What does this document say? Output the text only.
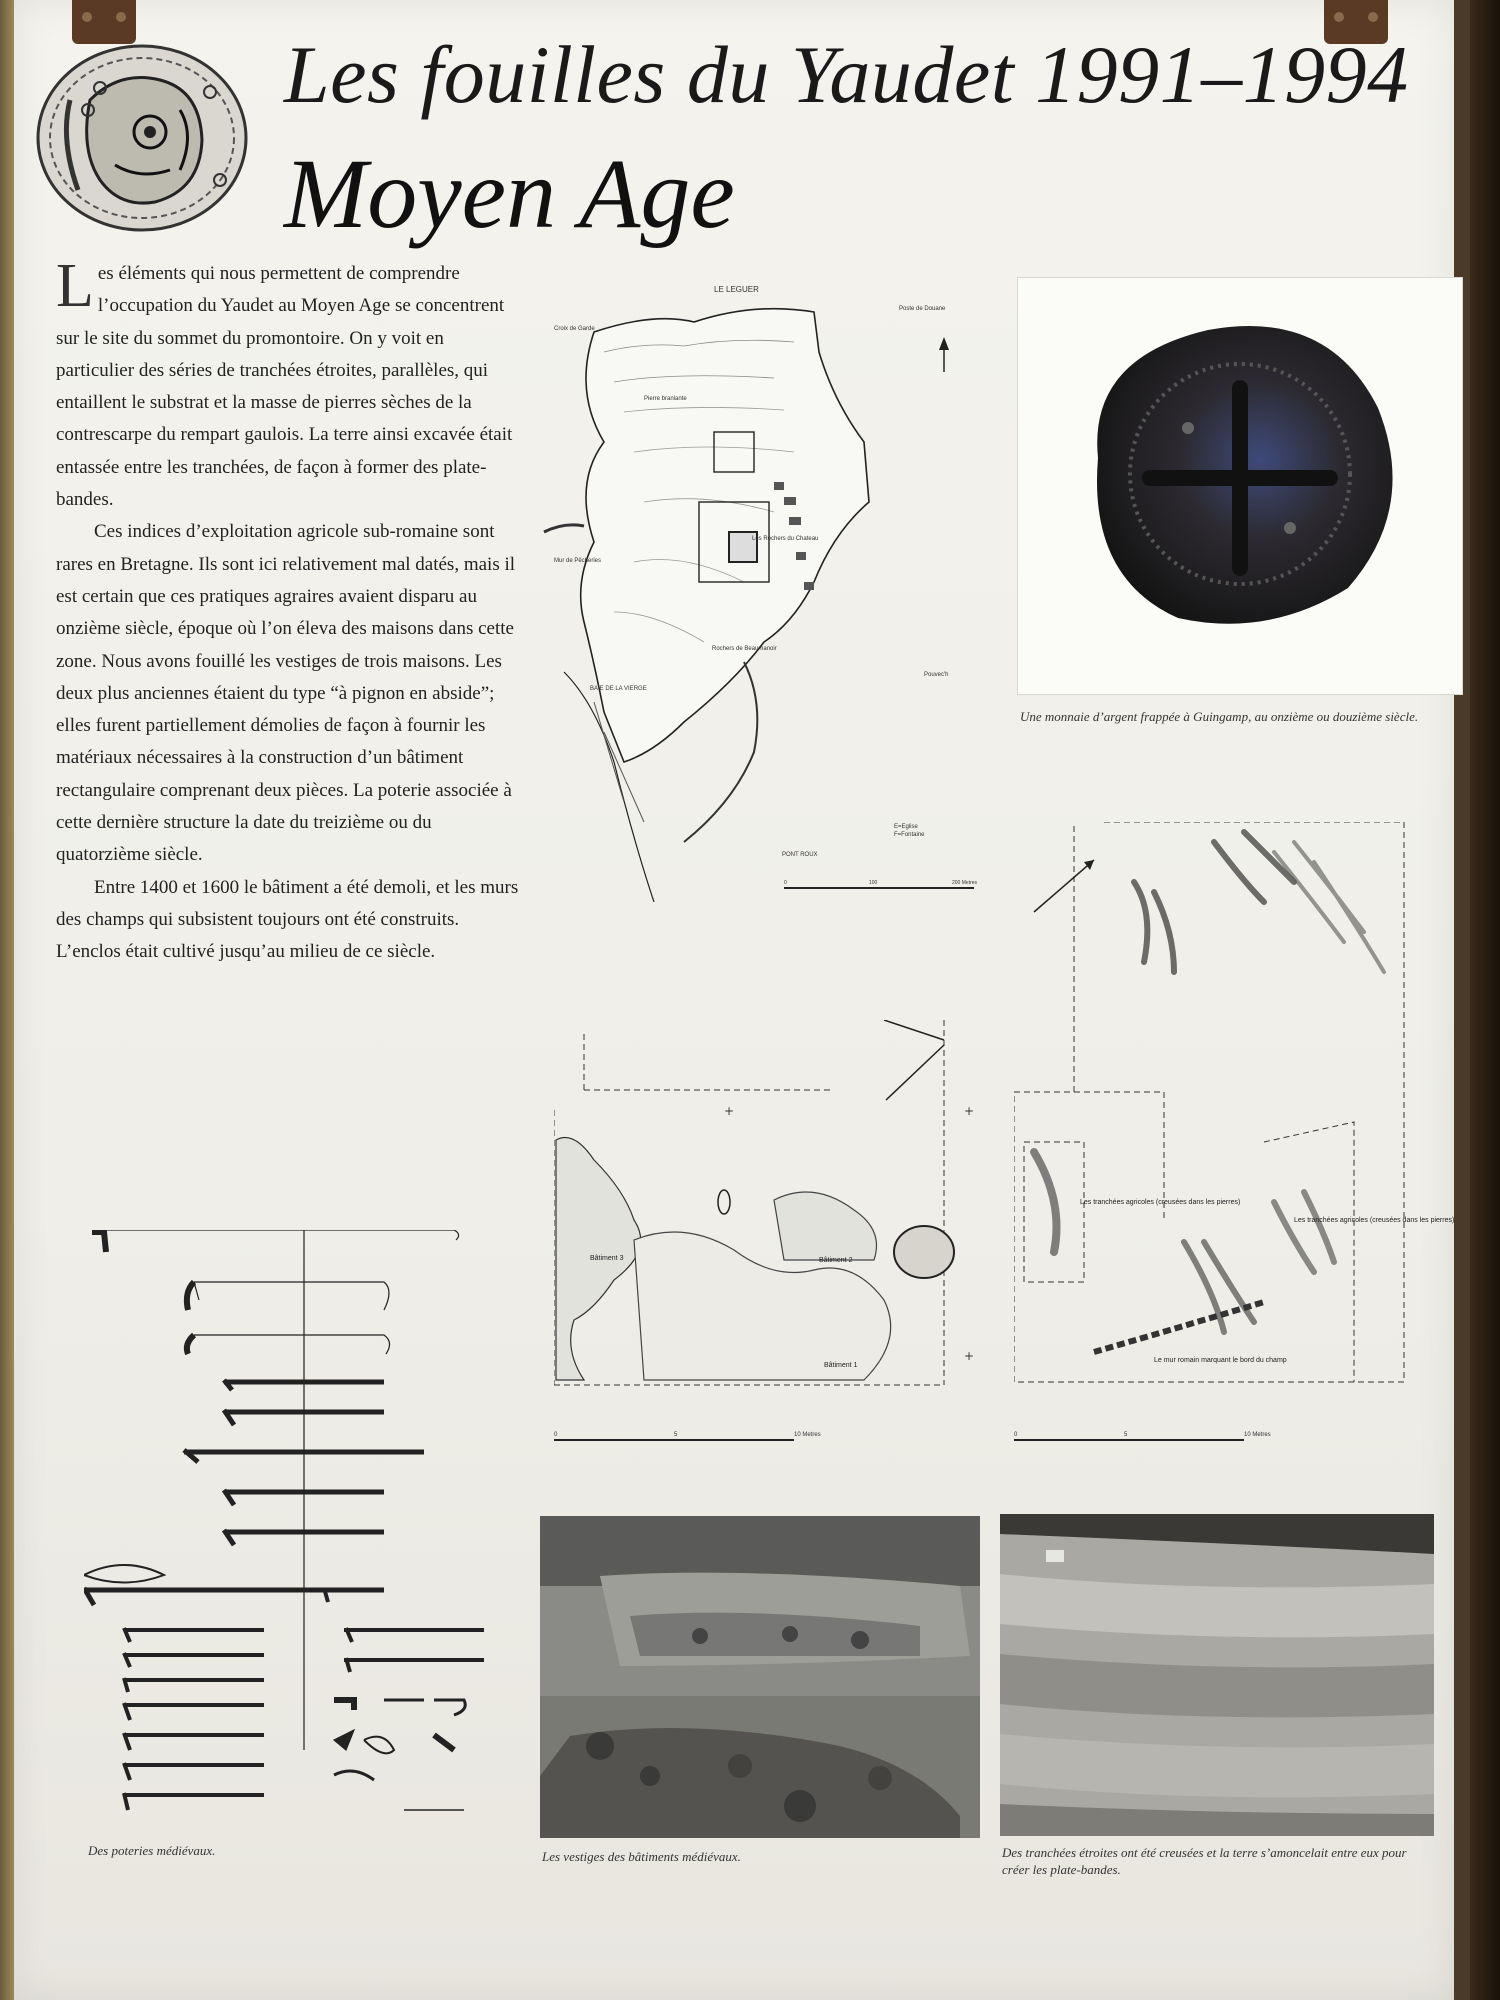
Les fouilles du Yaudet 1991–1994
Moyen Age

Les éléments qui nous permettent de comprendre l’occupation du Yaudet au Moyen Age se concentrent sur le site du sommet du promontoire. On y voit en particulier des séries de tranchées étroites, parallèles, qui entaillent le substrat et la masse de pierres sèches de la contrescarpe du rempart gaulois. La terre ainsi excavée était entassée entre les tranchées, de façon à former des plate-bandes.

Ces indices d’exploitation agricole sub-romaine sont rares en Bretagne. Ils sont ici relativement mal datés, mais il est certain que ces pratiques agraires avaient disparu au onzième siècle, époque où l’on éleva des maisons dans cette zone. Nous avons fouillé les vestiges de trois maisons. Les deux plus anciennes étaient du type “à pignon en abside”; elles furent partiellement démolies de façon à fournir les matériaux nécessaires à la construction d’un bâtiment rectangulaire comprenant deux pièces. La poterie associée à cette dernière structure la date du treizième ou du quatorzième siècle.

Entre 1400 et 1600 le bâtiment a été demoli, et les murs des champs qui subsistent toujours ont été construits. L’enclos était cultivé jusqu’au milieu de ce siècle.

LE LEGUER
Croix de Garde
Poste de Douane
Pierre branlante
Mur de Pêcheries
Les Rochers du Chateau
Rochers de Beaumanoir
BAIE DE LA VIERGE
Pouvec'h
E=Eglise
F=Fontaine
PONT ROUX
0	100	200 Metres
Une monnaie d’argent frappée à Guingamp, au onzième ou douzième siècle.
+	+
+
Bâtiment 3	Bâtiment 2
Bâtiment 1
0	5	10 Metres
Les tranchées agricoles (creusées dans les pierres)
Les tranchées agricoles (creusées dans les pierres)
Le mur romain marquant le bord du champ
0	5	10 Metres
Des poteries médiévaux.	Les vestiges des bâtiments médiévaux.	Des tranchées étroites ont été creusées et la terre s’amoncelait entre eux pour créer les plate-bandes.
